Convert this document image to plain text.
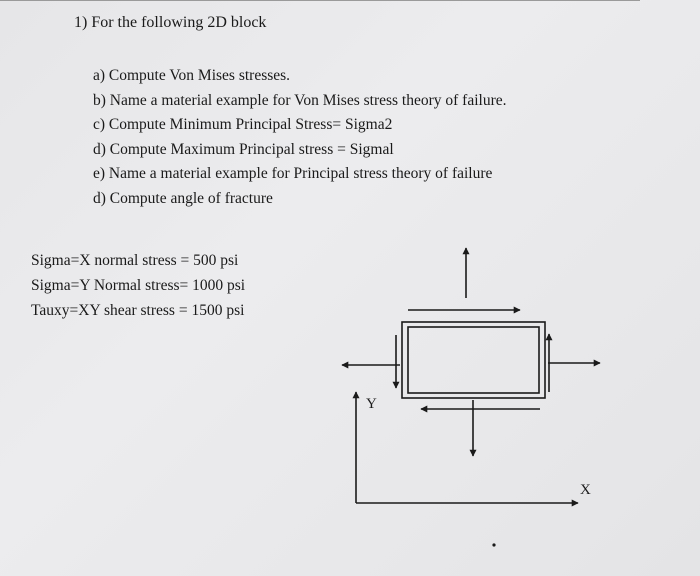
1) For the following 2D block
a) Compute Von Mises stresses.
b) Name a material example for Von Mises stress theory of failure.
c) Compute Minimum Principal Stress= Sigma2
d) Compute Maximum Principal stress = Sigmal
e) Name a material example for Principal stress theory of failure
d) Compute angle of fracture
Sigma=X normal stress = 500 psi
Sigma=Y Normal stress= 1000 psi
Tauxy=XY shear stress = 1500 psi
Y
X
